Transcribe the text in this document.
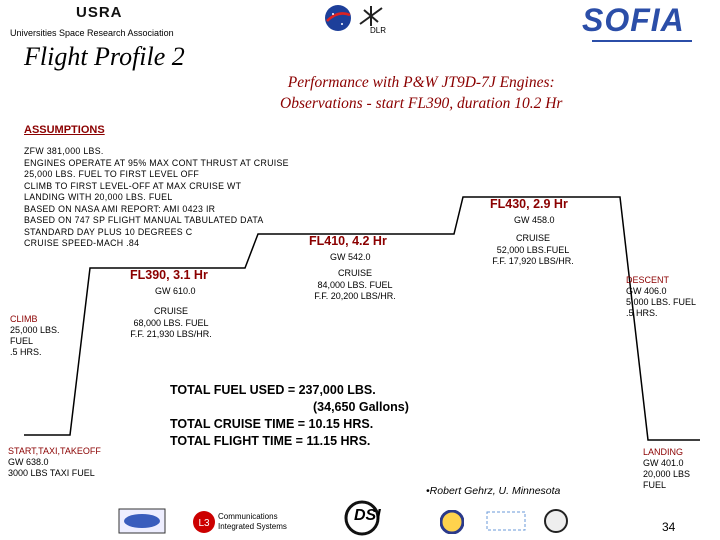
USRA
Universities Space Research Association	DLR	SOFIA
Flight Profile 2
Performance with P&W JT9D-7J Engines:
Observations - start FL390, duration 10.2 Hr
ASSUMPTIONS
ZFW 381,000 LBS.
ENGINES OPERATE AT 95% MAX CONT THRUST AT CRUISE
25,000 LBS. FUEL TO FIRST LEVEL OFF
CLIMB TO FIRST LEVEL-OFF AT MAX CRUISE WT
LANDING WITH 20,000 LBS. FUEL
BASED ON NASA AMI REPORT: AMI 0423 IR
BASED ON 747 SP FLIGHT MANUAL TABULATED DATA
STANDARD DAY PLUS 10 DEGREES C
CRUISE SPEED-MACH .84
FL390, 3.1 Hr
GW 610.0
CRUISE
68,000 LBS. FUEL
F.F. 21,930 LBS/HR.
FL410, 4.2 Hr
GW 542.0
CRUISE
84,000 LBS. FUEL
F.F. 20,200 LBS/HR.
FL430, 2.9 Hr
GW 458.0
CRUISE
52,000 LBS.FUEL
F.F. 17,920 LBS/HR.
CLIMB
25,000 LBS.
FUEL
.5 HRS.
DESCENT
GW 406.0
5,000 LBS. FUEL
.5 HRS.
START,TAXI,TAKEOFF
GW 638.0
3000 LBS TAXI FUEL
LANDING
GW 401.0
20,000 LBS
FUEL
TOTAL FUEL USED = 237,000 LBS.
(34,650 Gallons)
TOTAL CRUISE TIME = 10.15 HRS.
TOTAL FLIGHT TIME = 11.15 HRS.
•Robert Gehrz, U. Minnesota
L3
Communications
Integrated Systems
DSI
34
